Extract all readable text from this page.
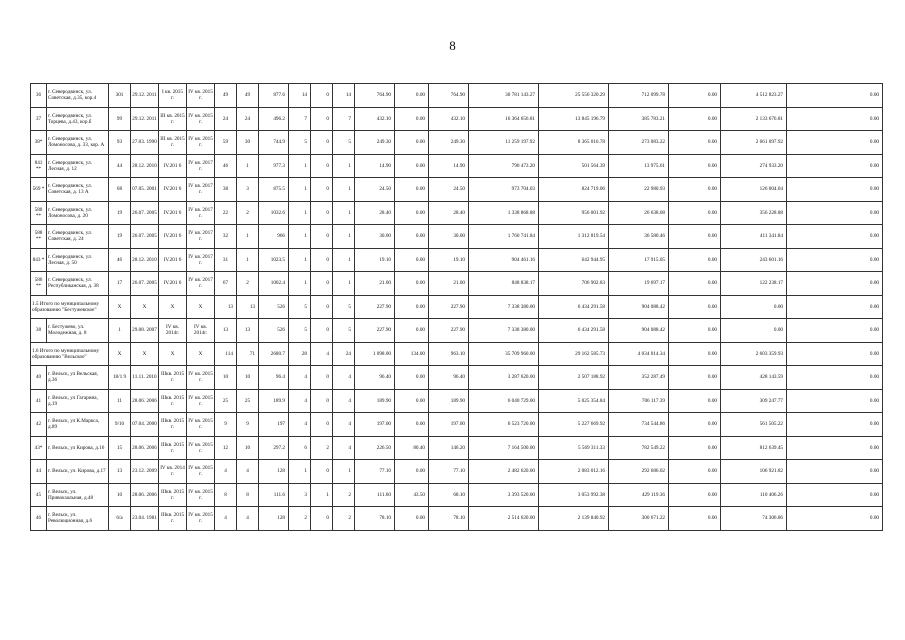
8
36	г. Северодвинск, ул. Советская, д.35, кор.4	301	29.12. 2011	I кв. 2015 г.	IV кв. 2015 г.	49	49	877.6	14	0	14	764.90	0.00	764.90	30 781 143.27	25 556 320.29	712 099.78	0.00	4 512 823.27	0.00
37	г. Северодвинск, ул. Торцева, д.43, кор.б	99	29.12. 2011	III кв. 2015 г.	IV кв. 2015 г.	24	24	496.2	7	0	7	432.10	0.00	432.10	16 364 656.81	13 845 196.79	385 783.21	0.00	2 133 676.81	0.00
38*	г. Северодвинск, ул. Ломоносова, д. 33, кор. А	93	27.03. 1990	III кв. 2015 г.	IV кв. 2015 г.	59	30	744.9	5	0	5	249.30	0.00	249.30	11 259 197.92	8 365 016.78	273 083.22	0.00	2 661 097.92	0.00
841 **	г. Северодвинск, ул. Лесная, д. 12	44	28.12. 2010	IV.201 6	IV кв. 2017 г.	46	1	977.3	1	0	1	14.90	0.00	14.90	790 473.20	501 564.39	13 975.61	0.00	274 933.20	0.00
569 *	г. Северодвинск, ул. Советская, д. 13 А	68	07.05. 2001	IV.201 6	IV кв. 2017 г.	38	3	875.5	1	0	1	24.50	0.00	24.50	973 704.03	824 719.06	22 980.93	0.00	126 004.04	0.00
580 **	г. Северодвинск, ул. Ломоносова, д. 20	19	26.07. 2005	IV.201 6	IV кв. 2017 г.	22	2	1032.6	1	0	1	28.40	0.00	28.40	1 338 868.88	956 001.92	26 638.08	0.00	356 228.88	0.00
588 **	г. Северодвинск, ул. Советская, д. 24	19	26.07. 2005	IV.201 6	IV кв. 2017 г.	32	1	966	1	0	1	30.00	0.00	30.00	1 760 741.84	1 312 819.54	36 580.46	0.00	411 341.84	0.00
843 *	г. Северодвинск, ул. Лесная, д. 50	46	28.12. 2010	IV.201 6	IV кв. 2017 г.	31	1	1023.5	1	0	1	19.10	0.00	19.10	904 461.16	642 944.95	17 915.05	0.00	243 601.16	0.00
586 **	г. Северодвинск, ул. Республиканская, д. 38	17	26.07. 2005	IV.201 6	IV кв. 2017 г.	67	2	1002.4	1	0	1	21.00	0.00	21.00	848 838.17	706 902.83	19 697.17	0.00	122 238.17	0.00
1.5 Итого по муниципальному образованию "Бестужевское"		X	X	X	X	13	13	526	5	0	5	227.90	0.00	227.90	7 338 380.00	6 434 291.58	904 088.42	0.00	0.00	0.00
38	г. Бестужево, ул. Молодежная, д. 8	1	29.08. 2007	IV кв. 2014г.	IV кв. 2014г.	13	13	526	5	0	5	227.90	0.00	227.90	7 338 380.00	6 434 291.58	904 088.42	0.00	0.00	0.00
1.6 Итого по муниципальному образованию "Вельское"		X	X	X	X	114	71	2680.7	28	4	24	1 098.00	134.00	963.10	35 709 960.00	29 162 585.73	4 034 014.34	0.00	2 603 359.93	0.00
40	г. Вельск, ул Вельская, д.36	18/1 9	11.11. 2010	IIIкв. 2015 г.	IV кв. 2015 г.	10	10	96.4	4	0	4	96.40	0.00	96.40	3 287 620.00	2 507 188.92	352 287.49	0.00	428 143.59	0.00
41	г. Вельск, ул Гагарина, д.19	11	28.06. 2006	IIIкв. 2015 г.	IV кв. 2015 г.	25	25	189.9	4	0	4	189.90	0.00	189.90	6 040 729.00	5 025 354.84	706 117.39	0.00	309 247.77	0.00
42	г. Вельск, ул К.Маркса, д.89	9/10	07.04. 2000	IIIкв. 2015 г.	IV кв. 2015 г.	9	9	197	4	0	4	197.00	0.00	197.00	6 523 720.00	5 227 669.92	734 544.86	0.00	561 505.22	0.00
43*	г. Вельск, ул Кирова, д.16	15	28.06. 2006	IIIкв. 2015 г.	IV кв. 2015 г.	12	10	297.2	6	2	4	226.50	80.40	146.20	7 164 500.00	5 569 311.33	782 549.22	0.00	812 639.45	0.00
44	г. Вельск, ул. Кирова, д.17	13	23.12. 2009	IV кв. 2014 г.	IV кв. 2015 г.	4	4	128	1	0	1	77.10	0.00	77.10	2 482 620.00	2 083 012.16	292 686.02	0.00	106 921.82	0.00
45	г. Вельск, ул. Привокзальная, д.48	10	28.06. 2006	IIIкв. 2015 г.	IV кв. 2015 г.	8	8	111.6	3	1	2	111.60	43.50	68.10	3 393 520.00	3 053 992.38	429 119.36	0.00	110 406.26	0.00
46	г. Вельск, ул. Революционная, д.6	6/а	23.04. 1981	IIIкв. 2015 г.	IV кв. 2015 г.	4	4	128	2	0	2	78.10	0.00	78.10	2 514 620.00	2 139 840.92	300 671.22	0.00	74 306.86	0.00
